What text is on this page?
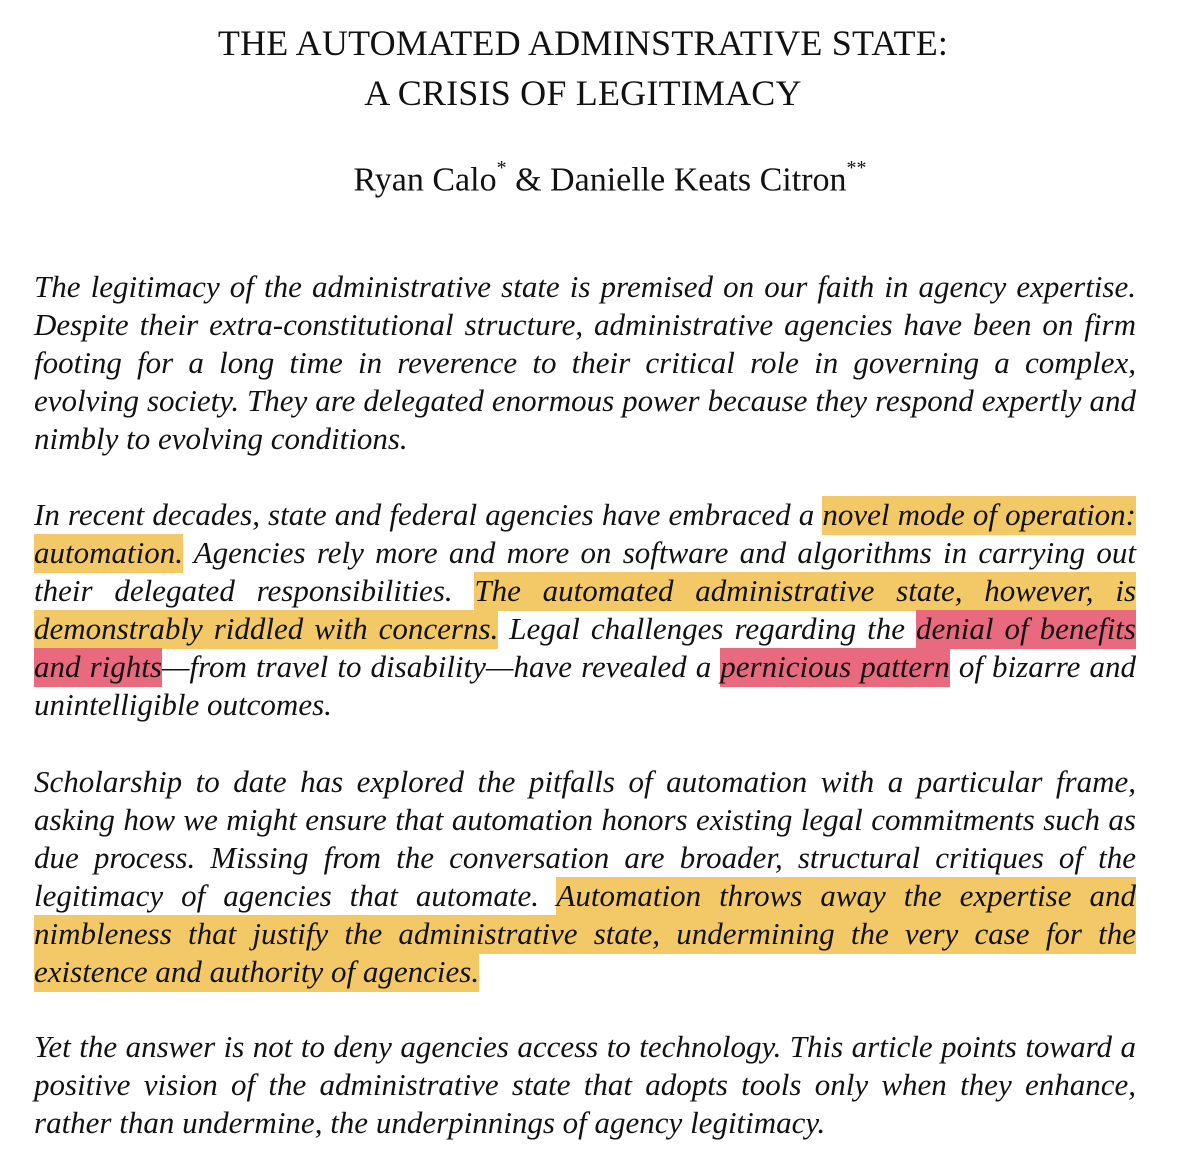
THE AUTOMATED ADMINSTRATIVE STATE:
A CRISIS OF LEGITIMACY

Ryan Calo* & Danielle Keats Citron**

The legitimacy of the administrative state is premised on our faith in agency expertise. Despite their extra-constitutional structure, administrative agencies have been on firm footing for a long time in reverence to their critical role in governing a complex, evolving society. They are delegated enormous power because they respond expertly and nimbly to evolving conditions.

In recent decades, state and federal agencies have embraced a novel mode of operation: automation. Agencies rely more and more on software and algorithms in carrying out their delegated responsibilities. The automated administrative state, however, is demonstrably riddled with concerns. Legal challenges regarding the denial of benefits and rights—from travel to disability—have revealed a pernicious pattern of bizarre and unintelligible outcomes.

Scholarship to date has explored the pitfalls of automation with a particular frame, asking how we might ensure that automation honors existing legal commitments such as due process. Missing from the conversation are broader, structural critiques of the legitimacy of agencies that automate. Automation throws away the expertise and nimbleness that justify the administrative state, undermining the very case for the existence and authority of agencies.

Yet the answer is not to deny agencies access to technology. This article points toward a positive vision of the administrative state that adopts tools only when they enhance, rather than undermine, the underpinnings of agency legitimacy.
